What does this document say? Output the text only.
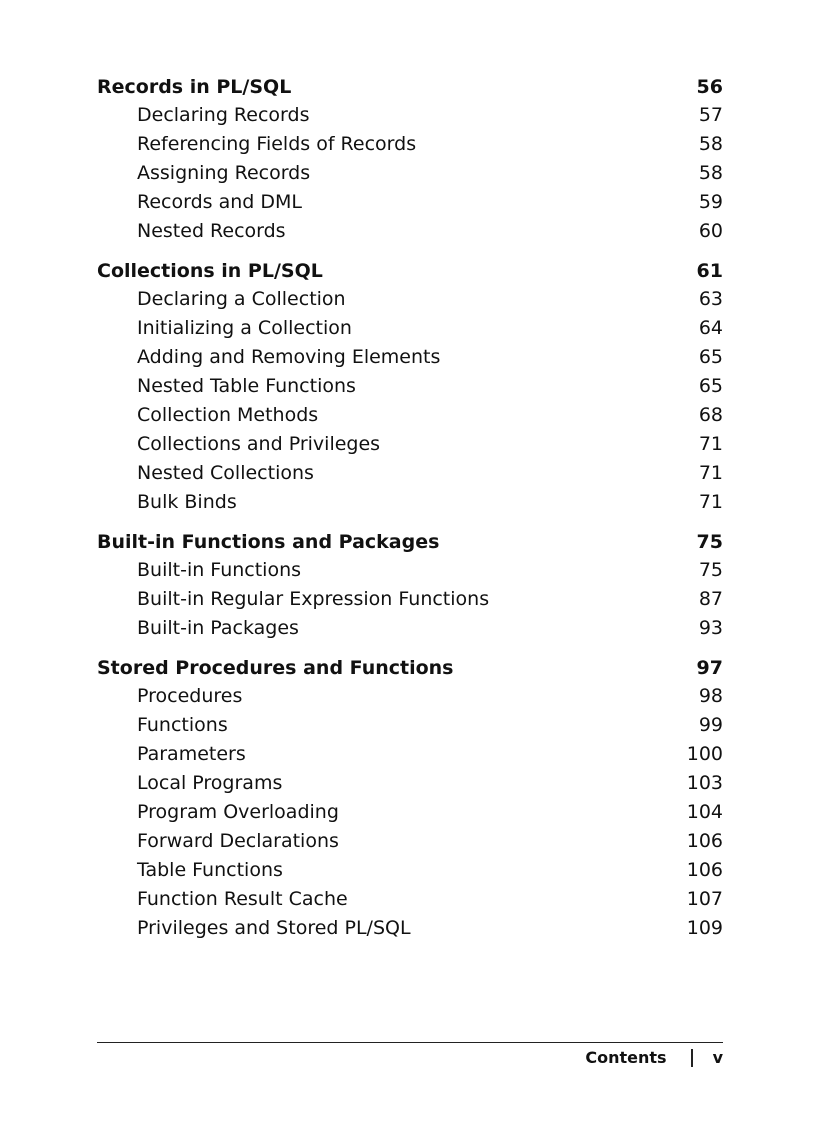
Records in PL/SQL	56
Declaring Records	57
Referencing Fields of Records	58
Assigning Records	58
Records and DML	59
Nested Records	60
Collections in PL/SQL	61
Declaring a Collection	63
Initializing a Collection	64
Adding and Removing Elements	65
Nested Table Functions	65
Collection Methods	68
Collections and Privileges	71
Nested Collections	71
Bulk Binds	71
Built-in Functions and Packages	75
Built-in Functions	75
Built-in Regular Expression Functions	87
Built-in Packages	93
Stored Procedures and Functions	97
Procedures	98
Functions	99
Parameters	100
Local Programs	103
Program Overloading	104
Forward Declarations	106
Table Functions	106
Function Result Cache	107
Privileges and Stored PL/SQL	109
Contents	v
